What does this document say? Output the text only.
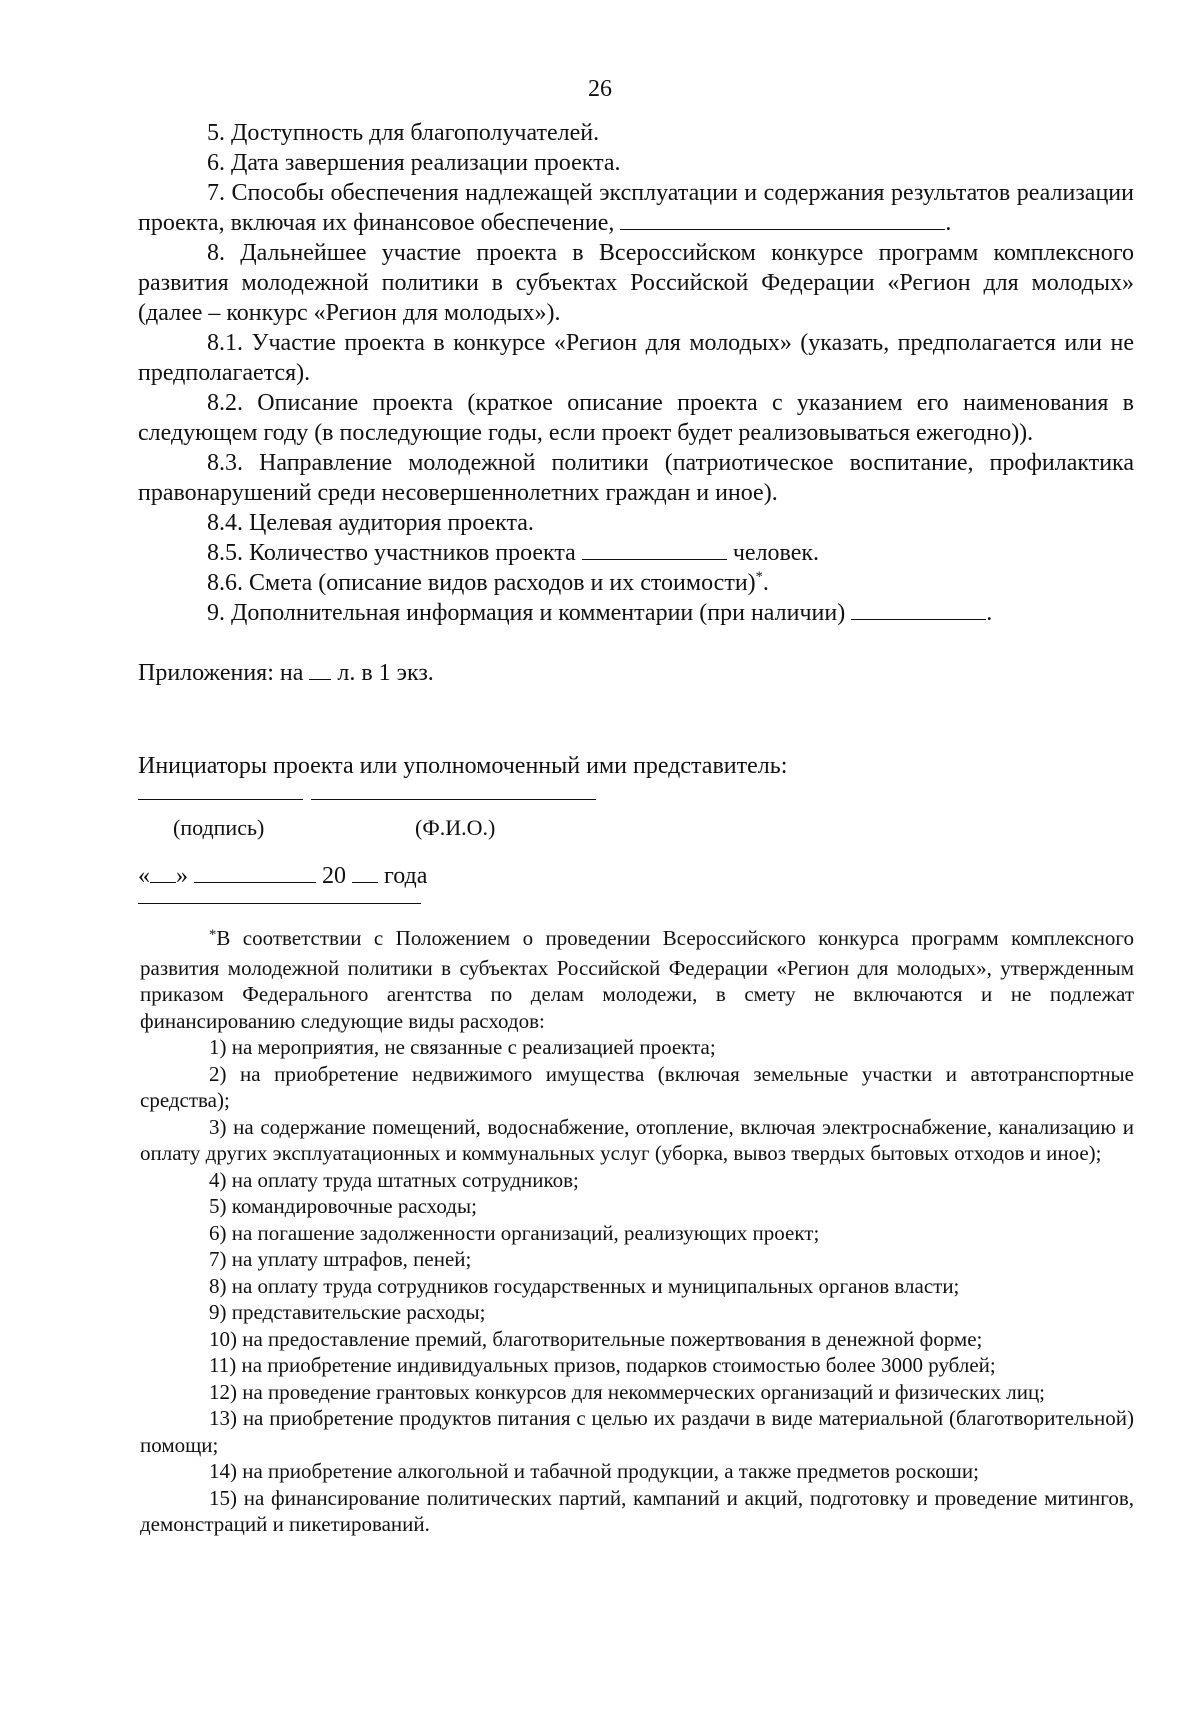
26

5. Доступность для благополучателей.

6. Дата завершения реализации проекта.

7. Способы обеспечения надлежащей эксплуатации и содержания результатов реализации проекта, включая их финансовое обеспечение,	.

8. Дальнейшее участие проекта в Всероссийском конкурсе программ комплексного развития молодежной политики в субъектах Российской Федерации «Регион для молодых» (далее – конкурс «Регион для молодых»).

8.1. Участие проекта в конкурсе «Регион для молодых» (указать, предполагается или не предполагается).

8.2. Описание проекта (краткое описание проекта с указанием его наименования в следующем году (в последующие годы, если проект будет реализовываться ежегодно)).

8.3. Направление молодежной политики (патриотическое воспитание, профилактика правонарушений среди несовершеннолетних граждан и иное).

8.4. Целевая аудитория проекта.

8.5. Количество участников проекта	человек.

8.6. Смета (описание видов расходов и их стоимости)*.

9. Дополнительная информация и комментарии (при наличии)	.

Приложения: на  л. в 1 экз.

Инициаторы проекта или уполномоченный ими представитель:

(подпись)	(Ф.И.О.)
« »	20  года

*В соответствии с Положением о проведении Всероссийского конкурса программ комплексного развития молодежной политики в субъектах Российской Федерации «Регион для молодых», утвержденным приказом Федерального агентства по делам молодежи, в смету не включаются и не подлежат финансированию следующие виды расходов:

1) на мероприятия, не связанные с реализацией проекта;

2) на приобретение недвижимого имущества (включая земельные участки и автотранспортные средства);

3) на содержание помещений, водоснабжение, отопление, включая электроснабжение, канализацию и оплату других эксплуатационных и коммунальных услуг (уборка, вывоз твердых бытовых отходов и иное);

4) на оплату труда штатных сотрудников;

5) командировочные расходы;

6) на погашение задолженности организаций, реализующих проект;

7) на уплату штрафов, пеней;

8) на оплату труда сотрудников государственных и муниципальных органов власти;

9) представительские расходы;

10) на предоставление премий, благотворительные пожертвования в денежной форме;

11) на приобретение индивидуальных призов, подарков стоимостью более 3000 рублей;

12) на проведение грантовых конкурсов для некоммерческих организаций и физических лиц;

13) на приобретение продуктов питания с целью их раздачи в виде материальной (благотворительной) помощи;

14) на приобретение алкогольной и табачной продукции, а также предметов роскоши;

15) на финансирование политических партий, кампаний и акций, подготовку и проведение митингов, демонстраций и пикетирований.
